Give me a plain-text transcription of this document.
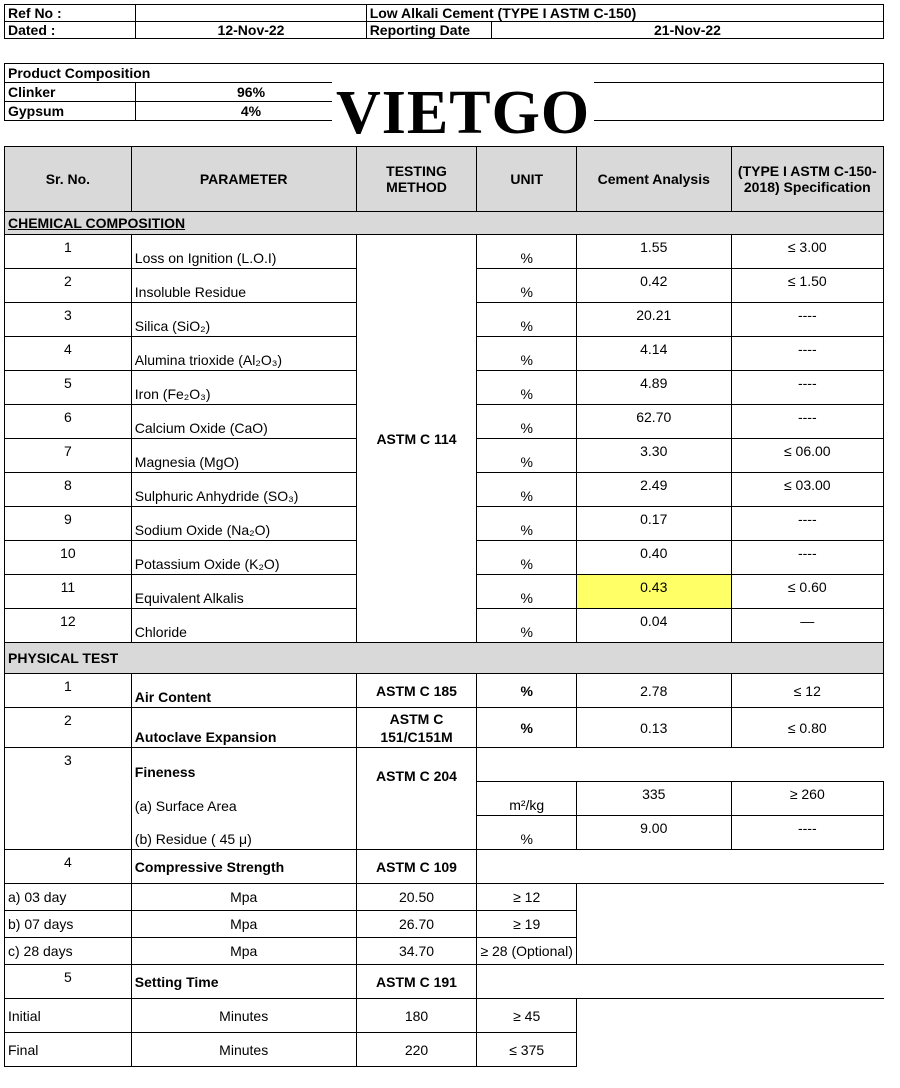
Ref No :		Low Alkali Cement (TYPE I ASTM C-150)	
Dated :	12-Nov-22	Reporting Date	21-Nov-22
Product Composition		
Clinker	96%	
Gypsum	4%	VIETGO
Sr. No.	PARAMETER	TESTING METHOD	UNIT	Cement Analysis	(TYPE I ASTM C-150-2018) Specification
CHEMICAL COMPOSITION					
1	Loss on Ignition (L.O.I)	ASTM C 114	%	1.55	≤ 3.00
2	Insoluble Residue		%	0.42	≤ 1.50
3	Silica (SiO₂)		%	20.21	----
4	Alumina trioxide (Al₂O₃)		%	4.14	----
5	Iron (Fe₂O₃)		%	4.89	----
6	Calcium Oxide (CaO)		%	62.70	----
7	Magnesia (MgO)		%	3.30	≤ 06.00
8	Sulphuric Anhydride (SO₃)		%	2.49	≤ 03.00
9	Sodium Oxide (Na₂O)		%	0.17	----
10	Potassium Oxide (K₂O)		%	0.40	----
11	Equivalent Alkalis		%	0.43	≤ 0.60
12	Chloride		%	0.04	—
PHYSICAL TEST					
1	Air Content	ASTM C 185	%	2.78	≤ 12
2	Autoclave Expansion	ASTM C 151/C151M	%	0.13	≤ 0.80
3	Fineness	ASTM C 204			
	(a) Surface Area		m²/kg	335	≥ 260
	(b) Residue ( 45 μ)		%	9.00	----
4	Compressive Strength	ASTM C 109			
a) 03 day	Mpa	20.50	≥ 12		
b) 07 days	Mpa	26.70	≥ 19		
c) 28 days	Mpa	34.70	≥ 28 (Optional)		
5	Setting Time	ASTM C 191			
Initial	Minutes	180	≥ 45		
Final	Minutes	220	≤ 375		
